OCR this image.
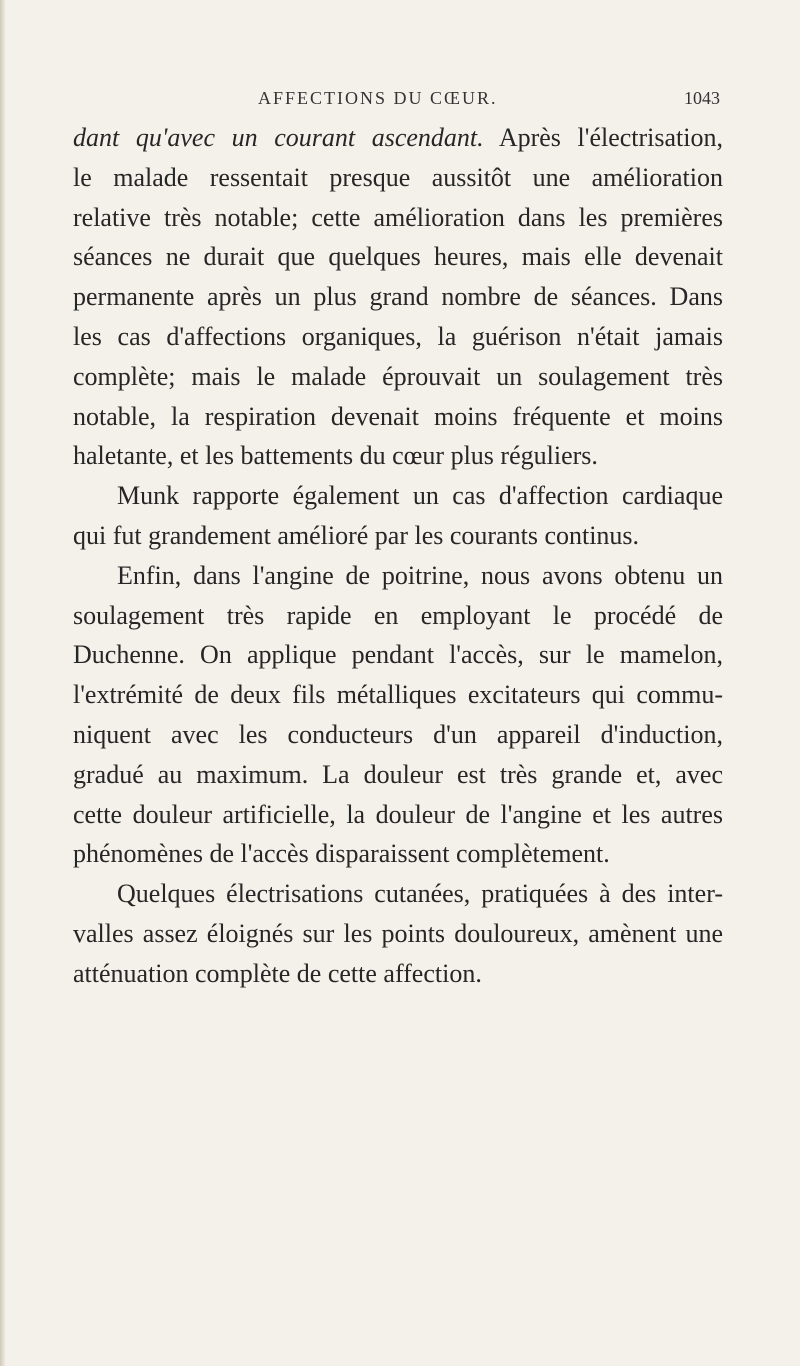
AFFECTIONS DU CŒUR.	1043
dant qu'avec un courant ascendant. Après l'électrisation,
le malade ressentait presque aussitôt une amélioration
relative très notable; cette amélioration dans les premières
séances ne durait que quelques heures, mais elle devenait
permanente après un plus grand nombre de séances. Dans
les cas d'affections organiques, la guérison n'était jamais
complète; mais le malade éprouvait un soulagement très
notable, la respiration devenait moins fréquente et moins
haletante, et les battements du cœur plus réguliers.
Munk rapporte également un cas d'affection cardiaque
qui fut grandement amélioré par les courants continus.
Enfin, dans l'angine de poitrine, nous avons obtenu un
soulagement très rapide en employant le procédé de
Duchenne. On applique pendant l'accès, sur le mamelon,
l'extrémité de deux fils métalliques excitateurs qui commu-
niquent avec les conducteurs d'un appareil d'induction,
gradué au maximum. La douleur est très grande et, avec
cette douleur artificielle, la douleur de l'angine et les autres
phénomènes de l'accès disparaissent complètement.
Quelques électrisations cutanées, pratiquées à des inter-
valles assez éloignés sur les points douloureux, amènent une
atténuation complète de cette affection.
